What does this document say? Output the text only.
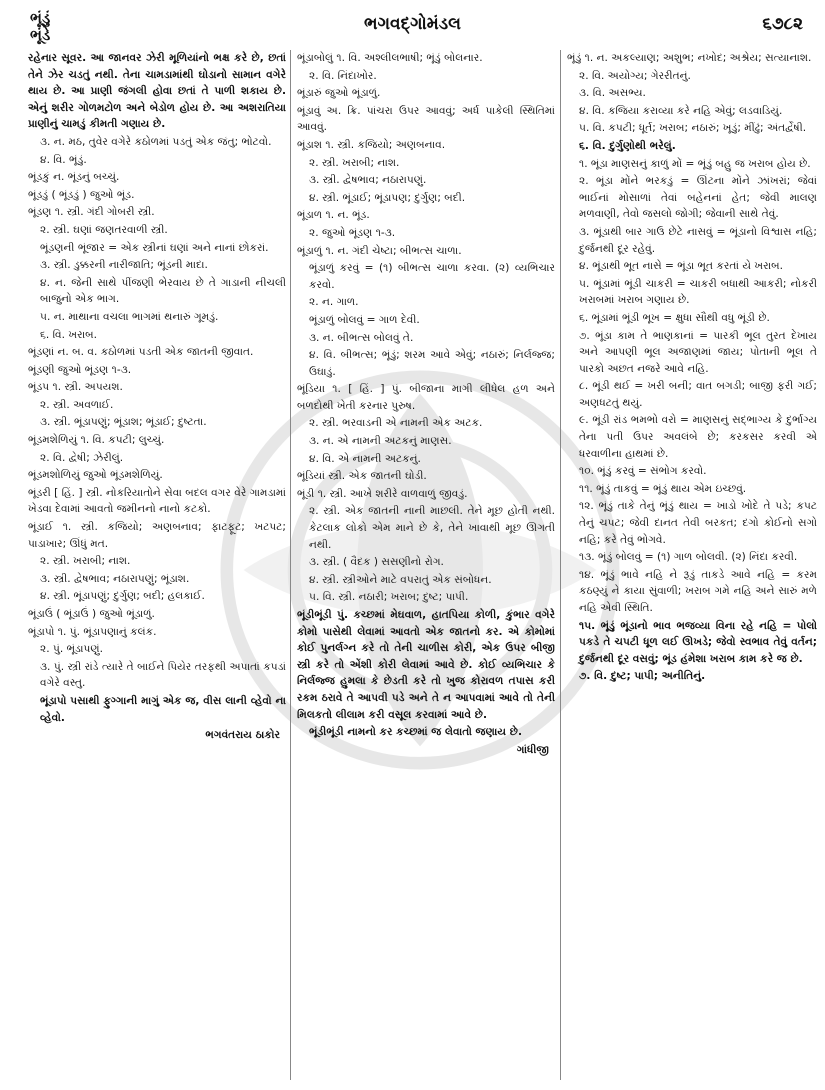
ભૂંડું
ભૂંડે
ભગવદ્ગોમંડલ	૬૭૮૨
રહેનાર સૂવર. આ જાનવર ઝેરી મૂળિયાંનો ભક્ષ કરે છે, છતાં તેને ઝેર ચડતું નથી. તેના ચામડામાંથી ઘોડાનો સામાન વગેરે થાય છે. આ પ્રાણી જંગલી હોવા છતાં તે પાળી શકાય છે. એનું શરીર ગોળમટોળ અને બેડોળ હોય છે. આ અશરાતિયા પ્રાણીનું ચામડું કીમતી ગણાય છે.
૩. ન. મઠ, તુવેર વગેરે કઠોળમાં પડતું એક જંતુ; ભોટવો.
૪. વિ. ભૂંડું.
ભૂંડકું ન. ભૂંડનું બચ્ચું.
ભૂંડડું ( ભૂંડડું ) જુઓ ભૂંડ.
ભૂંડણ ૧. સ્ત્રી. ગંદી ગોબરી સ્ત્રી.
૨. સ્ત્રી. ઘણાં જણતરવાળી સ્ત્રી.
ભૂંડણની ભૂંજાર = એક સ્ત્રીનાં ઘણાં અને નાનાં છોકરાં.
૩. સ્ત્રી. ડુક્કરની નારીજાતિ; ભૂંડની માદા.
૪. ન. જેની સાથે પીંજણી ભેરવાય છે તે ગાડાની નીચલી બાજુનો એક ભાગ.
૫. ન. માથાના વચલા ભાગમાં થનારું ગૂમડું.
૬. વિ. ખરાબ.
ભૂંડણાં ન. બ. વ. કઠોળમાં પડતી એક જાતની જીવાત.
ભૂંડણી જુઓ ભૂંડણ ૧-૩.
ભૂંડપ ૧. સ્ત્રી. અપયશ.
૨. સ્ત્રી. અવળાઈ.
૩. સ્ત્રી. ભૂંડાપણું; ભૂંડાશ; ભૂંડાઈ; દુષ્ટતા.
ભૂંડમશેળિયું ૧. વિ. કપટી; લુચ્ચું.
૨. વિ. દ્વેષી; ઝેરીલું.
ભૂંડમશોળિયું જુઓ ભૂંડમશેળિયું.
ભૂંડરી [ હિં. ] સ્ત્રી. નોકરિયાતોને સેવા બદલ વગર વેરે ગામડામાં ખેડવા દેવામાં આવતો જમીનનો નાનો કટકો.
ભૂંડાઈ ૧. સ્ત્રી. કજિયો; અણબનાવ; ફાટફૂટ; ખટપટ; પાડાખાર; ઊંધું મત.
૨. સ્ત્રી. ખરાબી; નાશ.
૩. સ્ત્રી. દ્વેષભાવ; નઠારાપણું; ભૂંડાશ.
૪. સ્ત્રી. ભૂંડાપણું; દુર્ગુણ; બદી; હલકાઈ.
ભૂંડાઉં ( ભૂંડાઉં ) જુઓ ભૂંડાળું.
ભૂંડાપો ૧. પું. ભૂંડાપણાનું કલંક.
૨. પું. ભૂંડાપણું.
૩. પું. સ્ત્રી રાંડે ત્યારે તે બાઈને પિયેર તરફથી અપાતાં કપડાં વગેરે વસ્તુ.
ભૂંડાપો પસાથી ફુગ્ગાની માગું એક જ, વીસ લાની વ્હેવો ના વ્હેવો.
ભગવંતરાય ઠાકોર
ભૂંડાબોલું ૧. વિ. અશ્લીલભાષી; ભૂંડું બોલનાર.
૨. વિ. નિંદાખોર.
ભૂંડારું જુઓ ભૂંડાળું.
ભૂંડાવું અ. ક્રિ. પાંચરા ઉપર આવવું; અર્ધ પાકેલી સ્થિતિમાં આવવું.
ભૂંડાશ ૧. સ્ત્રી. કજિયો; અણબનાવ.
૨. સ્ત્રી. ખરાબી; નાશ.
૩. સ્ત્રી. દ્વેષભાવ; નઠારાપણું.
૪. સ્ત્રી. ભૂંડાઈ; ભૂંડાપણ; દુર્ગુણ; બદી.
ભૂંડાળ ૧. ન. ભૂંડ.
૨. જુઓ ભૂંડણ ૧-૩.
ભૂંડાળું ૧. ન. ગંદી ચેષ્ટા; બીભત્સ ચાળા.
ભૂંડાળું કરવું = (૧) બીભત્સ ચાળા કરવા. (૨) વ્યભિચાર કરવો.
૨. ન. ગાળ.
ભૂંડાળું બોલવું = ગાળ દેવી.
૩. ન. બીભત્સ બોલવું તે.
૪. વિ. બીભત્સ; ભૂંડું; શરમ આવે એવું; નઠારું; નિર્લજ્જ; ઉઘાડું.
ભૂંડિયા ૧. [ હિં. ] પું. બીજાના માગી લીધેલ હળ અને બળદોથી ખેતી કરનાર પુરુષ.
૨. સ્ત્રી. ભરવાડની એ નામની એક અટક.
૩. ન. એ નામની અટકનું માણસ.
૪. વિ. એ નામની અટકનું.
ભૂંડિયાં સ્ત્રી. એક જાતની ઘોડી.
ભૂંડી ૧. સ્ત્રી. આખે શરીરે વાળવાળું જીવડું.
૨. સ્ત્રી. એક જાતની નાની માછલી. તેને મૂછ હોતી નથી. કેટલાક લોકો એમ માને છે કે, તેને ખાવાથી મૂછ ઊગતી નથી.
૩. સ્ત્રી. ( વૈદક ) સસણીનો રોગ.
૪. સ્ત્રી. સ્ત્રીઓને માટે વપરાતું એક સંબોધન.
૫. વિ. સ્ત્રી. નઠારી; ખરાબ; દુષ્ટ; પાપી.
ભૂંડીભૂંડી પું. કચ્છમાં મેઘવાળ, હાતપિયા કોળી, કુંભાર વગેરે કોમો પાસેથી લેવામાં આવતો એક જાતનો કર. એ કોમોમાં કોઈ પુનર્લગ્ન કરે તો તેની ચાળીસ કોરી, એક ઉપર બીજી સ્ત્રી કરે તો એંશી કોરી લેવામાં આવે છે. કોઈ વ્યભિચાર કે નિર્લજ્જ હુમલા કે છેડતી કરે તો ખુજ કોરાવળ તપાસ કરી રકમ ઠરાવે તે આપવી પડે અને તે ન આપવામાં આવે તો તેની મિલકતો લીલામ કરી વસૂલ કરવામાં આવે છે.
ભૂંડીભૂંડી નામનો કર કચ્છમાં જ લેવાતો જણાય છે.
ગાંધીજી
ભૂંડું ૧. ન. અકલ્યાણ; અશુભ; નખોદ; અશ્રેય; સત્યાનાશ.
૨. વિ. અયોગ્ય; ગેરરીતનું.
૩. વિ. અસભ્ય.
૪. વિ. કજિયા કરાવ્યા કરે નહિ એવું; લડવાડિયું.
૫. વિ. કપટી; ધૂર્ત; ખરાબ; નઠારું; ખૂડું; મીંઢું; અંતર્દ્વેષી.
૬. વિ. દુર્ગુણોથી ભરેલું.
૧. ભૂંડા માણસનું કાળું મોં = ભૂંડું બહુ જ ખરાબ હોય છે.
૨. ભૂંડા મોંને ભરકડું = ઊંટના મોંને ઝાંખરાં; જેવાં ભાઈનાં મોસાળાં તેવાં બહેનનાં હેત; જેવી માલણ મળવાણી, તેવો જસલો જોગી; જેવાની સાથે તેવું.
૩. ભૂંડાથી બાર ગાઉ છેટે નાસવું = ભૂંડાનો વિશ્વાસ નહિ; દુર્જનથી દૂર રહેવું.
૪. ભૂંડાથી ભૂત નાસે = ભૂંડા ભૂત કરતાં યે ખરાબ.
૫. ભૂંડામાં ભૂંડી ચાકરી = ચાકરી બધાથી આકરી; નોકરી ખરાબમાં ખરાબ ગણાય છે.
૬. ભૂંડામાં ભૂંડી ભૂખ = ક્ષુધા સૌથી વધુ ભૂંડી છે.
૭. ભૂંડા કામ તે ભાણકાનાં = પારકી ભૂલ તુરત દેખાય અને આપણી ભૂલ અજાણમાં જાય; પોતાની ભૂલ તે પારકો અછત નજરે આવે નહિ.
૮. ભૂંડી થઈ = ખરી બની; વાત બગડી; બાજી ફરી ગઈ; અણધટતું થયું.
૯. ભૂંડી રાંડ ભમભો વરો = માણસનું સદ્ભાગ્ય કે દુર્ભાગ્ય તેના પતી ઉપર અવલંબે છે; કરકસર કરવી એ ધરવાળીના હાથમાં છે.
૧૦. ભૂંડું કરવું = સંભોગ કરવો.
૧૧. ભૂંડું તાકવું = ભૂંડું થાય એમ ઇચ્છવું.
૧૨. ભૂંડું તાકે તેનું ભૂંડું થાય = ખાડો ખોદે તે પડે; કપટ તેનું ચપટ; જેવી દાનત તેવી બરકત; દગો કોઈનો સગો નહિ; કરે તેવું ભોગવે.
૧૩. ભૂંડું બોલવું = (૧) ગાળ બોલવી. (૨) નિંદા કરવી.
૧૪. ભૂંડું ભાવે નહિ ને રૂડું તાકડે આવે નહિ = કરમ કઠણ્યું ને કાયા સુંવાળી; ખરાબ ગમે નહિ અને સારું મળે નહિ એવી સ્થિતિ.
૧૫. ભૂંડું ભૂંડાનો ભાવ ભજવ્યા વિના રહે નહિ = પોલો પકડે તે ચપટી ધૂળ લઈ ઊખડે; જેવો સ્વભાવ તેવું વર્તન; દુર્જનથી દૂર વસવું; ભૂંડ હંમેશા ખરાબ કામ કરે જ છે.
૭. વિ. દુષ્ટ; પાપી; અનીતિનું.
